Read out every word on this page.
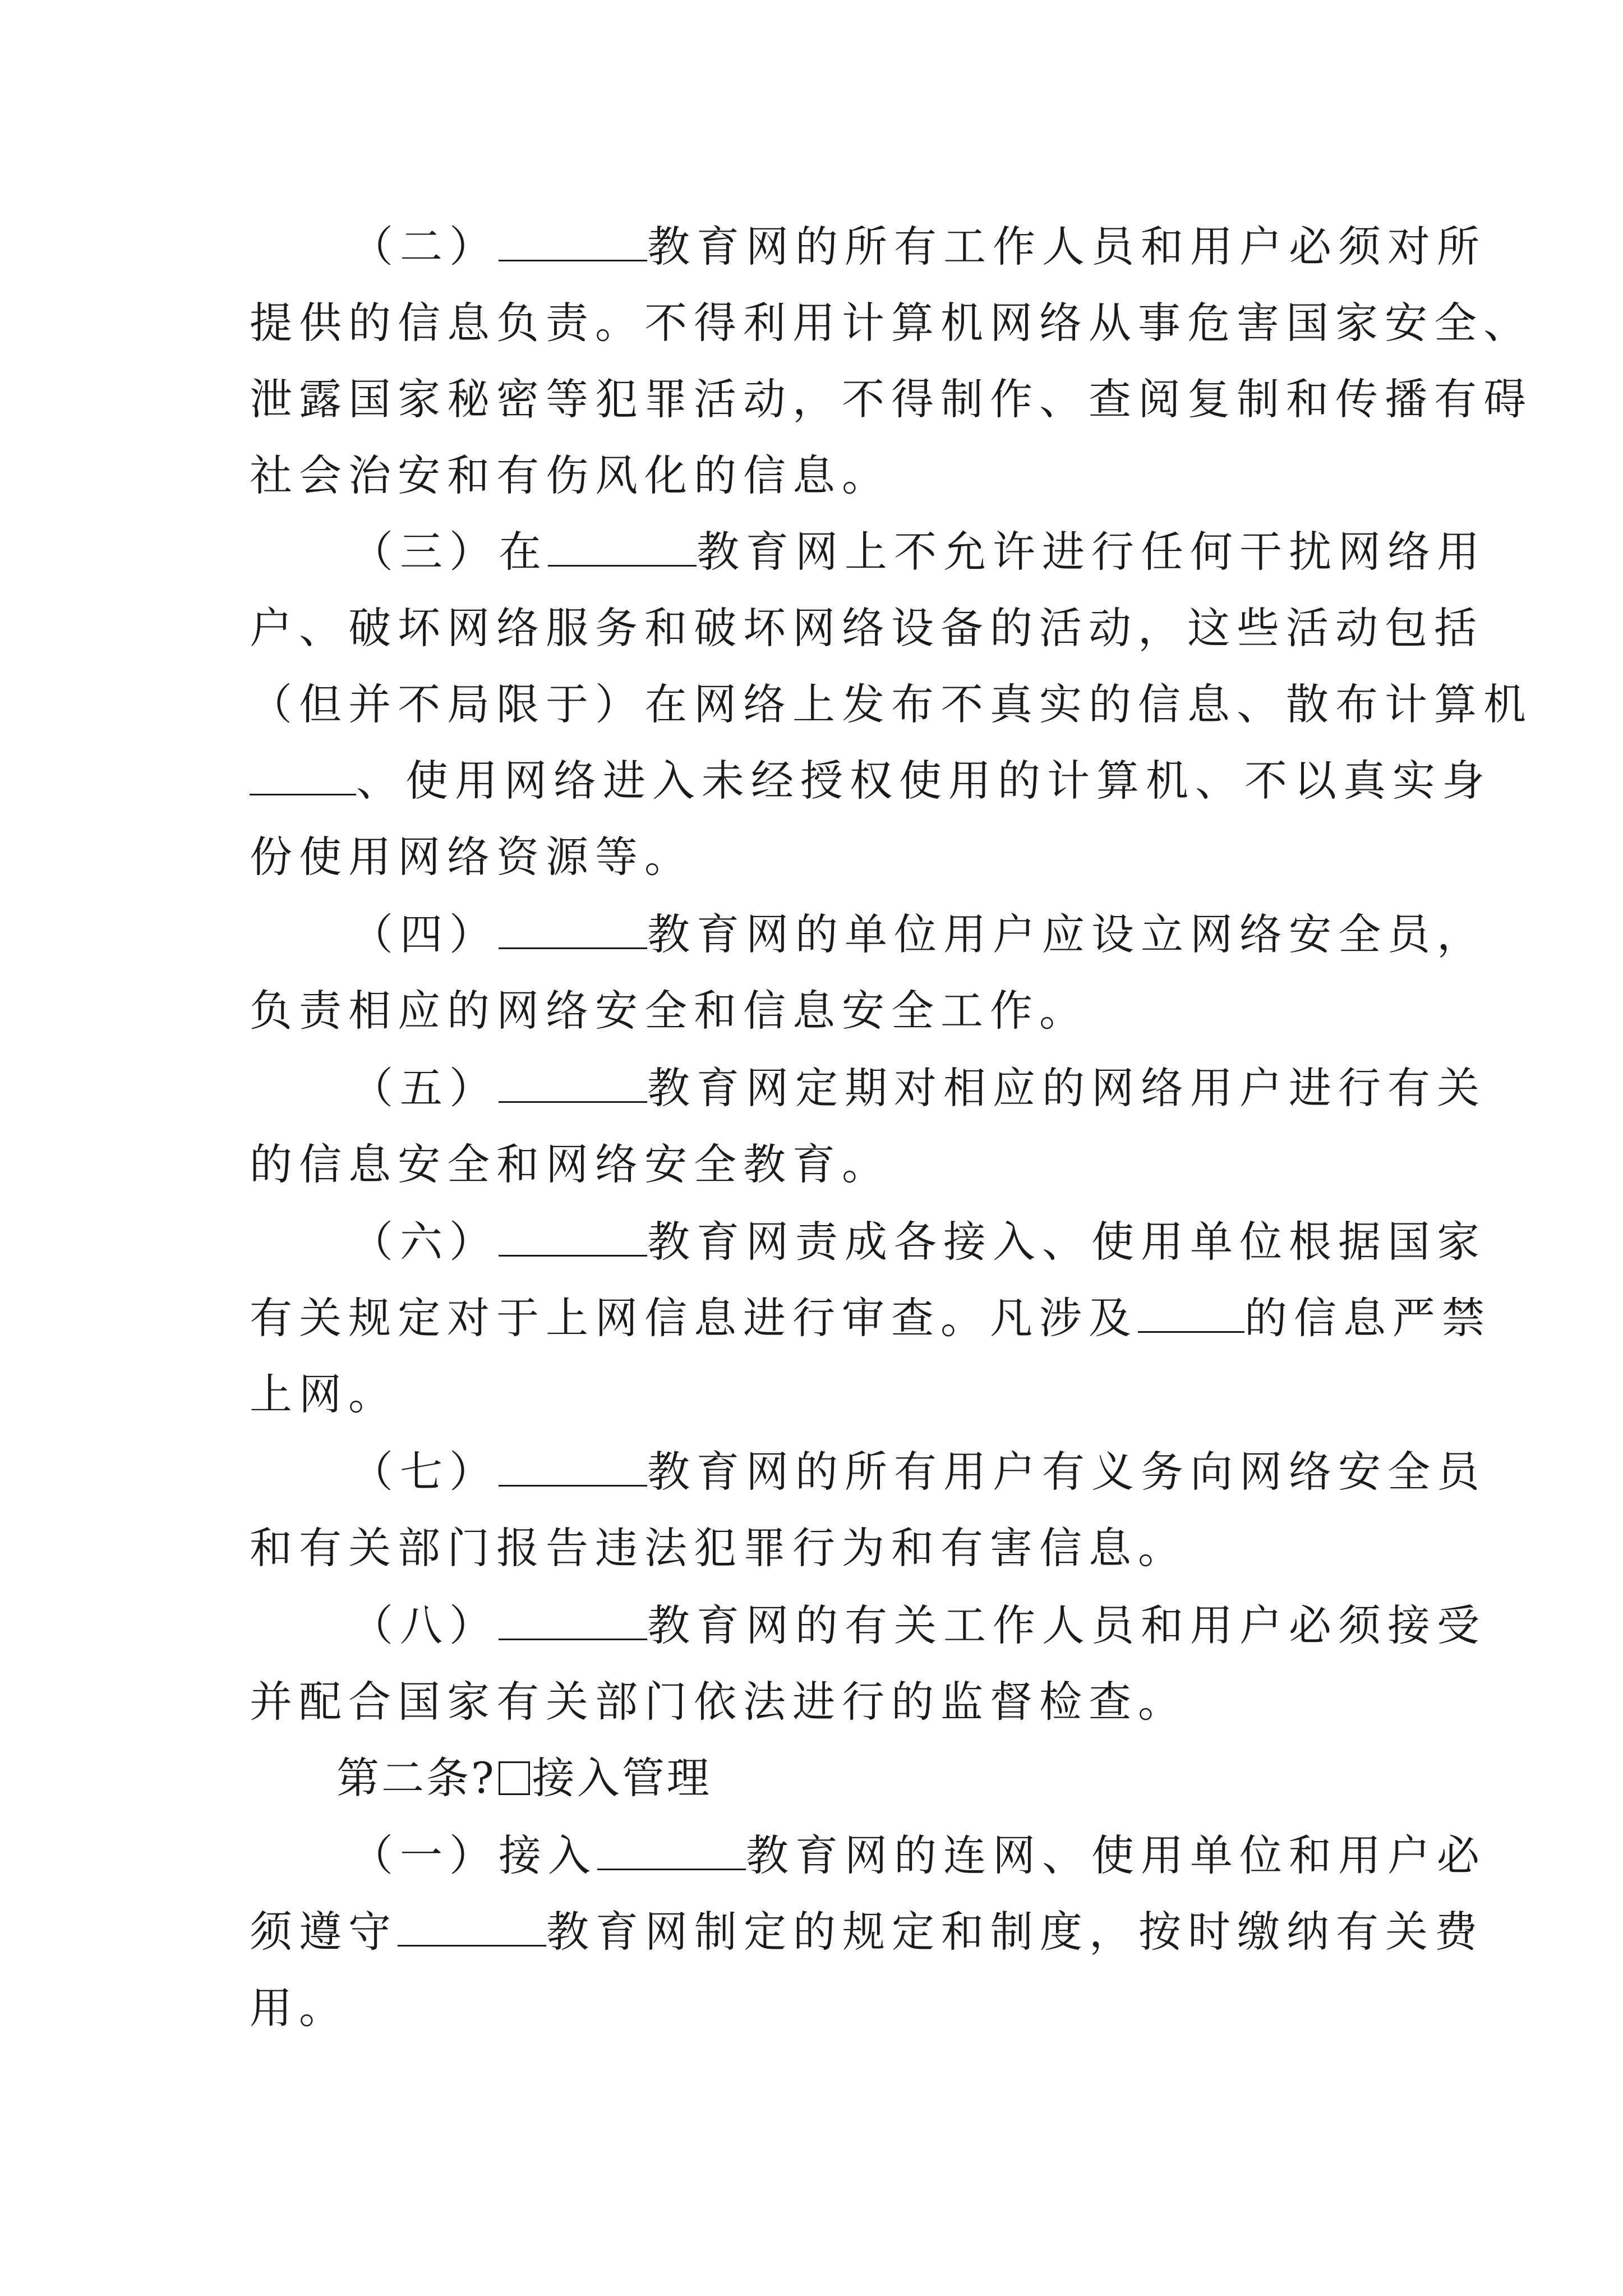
（二）	教育网的所有工作人员和用户必须对所
提供的信息负责。不得利用计算机网络从事危害国家安全、
泄露国家秘密等犯罪活动，不得制作、查阅复制和传播有碍
社会治安和有伤风化的信息。
（三）在	教育网上不允许进行任何干扰网络用
户、破坏网络服务和破坏网络设备的活动，这些活动包括
（但并不局限于）在网络上发布不真实的信息、散布计算机
、使用网络进入未经授权使用的计算机、不以真实身
份使用网络资源等。
（四）	教育网的单位用户应设立网络安全员，
负责相应的网络安全和信息安全工作。
（五）	教育网定期对相应的网络用户进行有关
的信息安全和网络安全教育。
（六）	教育网责成各接入、使用单位根据国家
有关规定对于上网信息进行审查。凡涉及	的信息严禁
上网。
（七）	教育网的所有用户有义务向网络安全员
和有关部门报告违法犯罪行为和有害信息。
（八）	教育网的有关工作人员和用户必须接受
并配合国家有关部门依法进行的监督检查。
第二条? 接入管理
（一）接入	教育网的连网、使用单位和用户必
须遵守	教育网制定的规定和制度，按时缴纳有关费
用。
